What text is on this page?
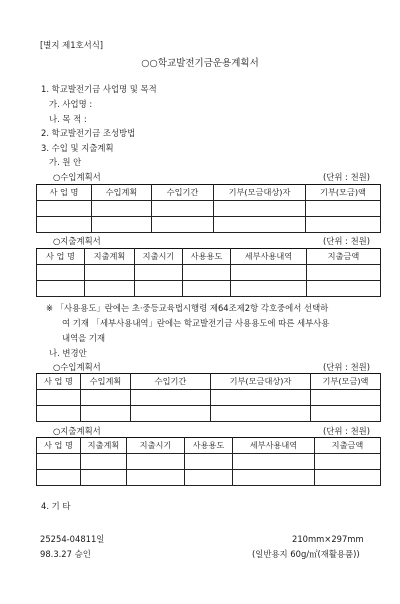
[별지 제1호서식]
○○학교발전기금운용계획서
1. 학교발전기금 사업명 및 목적
가. 사업명 :
나. 목 적 :
2. 학교발전기금 조성방법
3. 수입 및 지출계획
가. 원 안
○수입계획서	(단위 : 천원)
사 업 명	수입계획	수입기간	기부(모금대상)자	기부(모금)액

○지출계획서	(단위 : 천원)
사 업 명	지출계획	지출시기	사용용도	세부사용내역	지출금액

※ 「사용용도」란에는 초·중등교육법시행령 제64조제2항 각호중에서 선택하
여 기재 「세부사용내역」란에는 학교발전기금 사용용도에 따른 세부사용
내역을 기재
나. 변경안
○수입계획서	(단위 : 천원)
사 업 명	수입계획	수입기간	기부(모금대상)자	기부(모금)액

○지출계획서	(단위 : 천원)
사 업 명	지출계획	지출시기	사용용도	세부사용내역	지출금액

4. 기 타
25254-04811일
98.3.27 승인
210mm×297mm
(일반용지 60g/㎡(재활용품))
